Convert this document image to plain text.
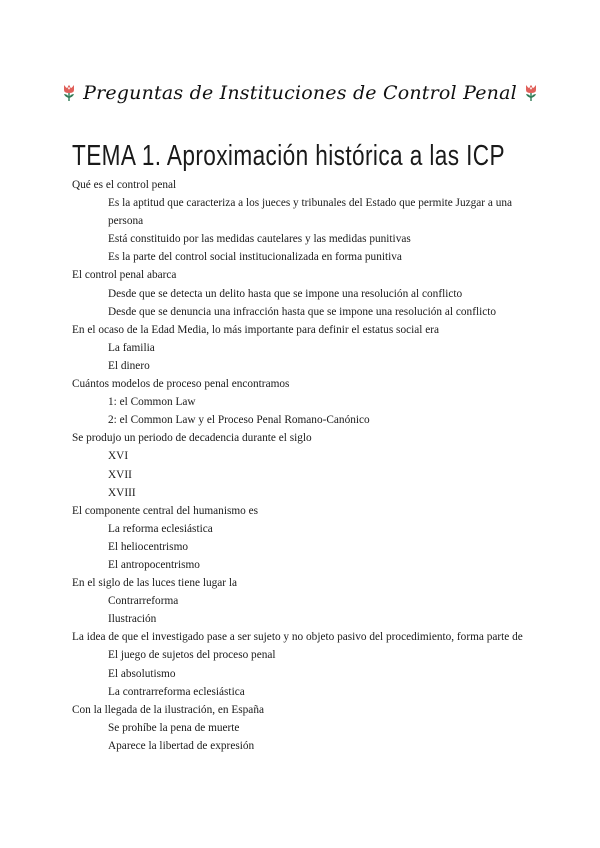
Preguntas de Instituciones de Control Penal
TEMA 1. Aproximación histórica a las ICP
Qué es el control penal
Es la aptitud que caracteriza a los jueces y tribunales del Estado que permite Juzgar a una persona
Está constituido por las medidas cautelares y las medidas punitivas
Es la parte del control social institucionalizada en forma punitiva
El control penal abarca
Desde que se detecta un delito hasta que se impone una resolución al conflicto
Desde que se denuncia una infracción hasta que se impone una resolución al conflicto
En el ocaso de la Edad Media, lo más importante para definir el estatus social era
La familia
El dinero
Cuántos modelos de proceso penal encontramos
1: el Common Law
2: el Common Law y el Proceso Penal Romano-Canónico
Se produjo un periodo de decadencia durante el siglo
XVI
XVII
XVIII
El componente central del humanismo es
La reforma eclesiástica
El heliocentrismo
El antropocentrismo
En el siglo de las luces tiene lugar la
Contrarreforma
Ilustración
La idea de que el investigado pase a ser sujeto y no objeto pasivo del procedimiento, forma parte de
El juego de sujetos del proceso penal
El absolutismo
La contrarreforma eclesiástica
Con la llegada de la ilustración, en España
Se prohíbe la pena de muerte
Aparece la libertad de expresión
